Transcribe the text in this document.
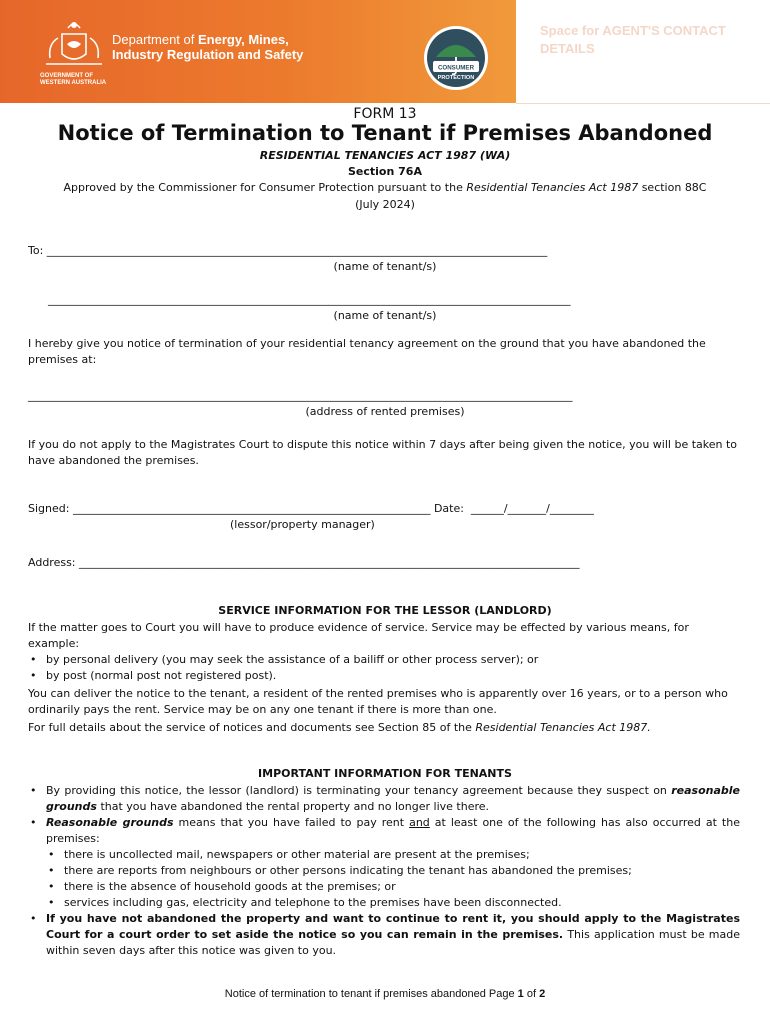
GOVERNMENT OF
WESTERN AUSTRALIA
Department of Energy, Mines,
Industry Regulation and Safety
CONSUMER
PROTECTION
Space for AGENT'S CONTACT DETAILS
FORM 13
Notice of Termination to Tenant if Premises Abandoned
RESIDENTIAL TENANCIES ACT 1987 (WA)
Section 76A
Approved by the Commissioner for Consumer Protection pursuant to the Residential Tenancies Act 1987 section 88C
(July 2024)
To: ___________________________________________________________________________________________
(name of tenant/s)
_______________________________________________________________________________________________
(name of tenant/s)
I hereby give you notice of termination of your residential tenancy agreement on the ground that you have abandoned the premises at:
___________________________________________________________________________________________________
(address of rented premises)
If you do not apply to the Magistrates Court to dispute this notice within 7 days after being given the notice, you will be taken to have abandoned the premises.
Signed: _________________________________________________________________ Date:  ______/_______/________
(lessor/property manager)
Address: ___________________________________________________________________________________________
SERVICE INFORMATION FOR THE LESSOR (LANDLORD)
If the matter goes to Court you will have to produce evidence of service. Service may be effected by various means, for example:
• by personal delivery (you may seek the assistance of a bailiff or other process server); or
• by post (normal post not registered post).
You can deliver the notice to the tenant, a resident of the rented premises who is apparently over 16 years, or to a person who ordinarily pays the rent. Service may be on any one tenant if there is more than one.
For full details about the service of notices and documents see Section 85 of the Residential Tenancies Act 1987.
IMPORTANT INFORMATION FOR TENANTS
• By providing this notice, the lessor (landlord) is terminating your tenancy agreement because they suspect on reasonable grounds that you have abandoned the rental property and no longer live there.
• Reasonable grounds means that you have failed to pay rent and at least one of the following has also occurred at the premises:
• there is uncollected mail, newspapers or other material are present at the premises;
• there are reports from neighbours or other persons indicating the tenant has abandoned the premises;
• there is the absence of household goods at the premises; or
• services including gas, electricity and telephone to the premises have been disconnected.
• If you have not abandoned the property and want to continue to rent it, you should apply to the Magistrates Court for a court order to set aside the notice so you can remain in the premises. This application must be made within seven days after this notice was given to you.
Notice of termination to tenant if premises abandoned Page 1 of 2
